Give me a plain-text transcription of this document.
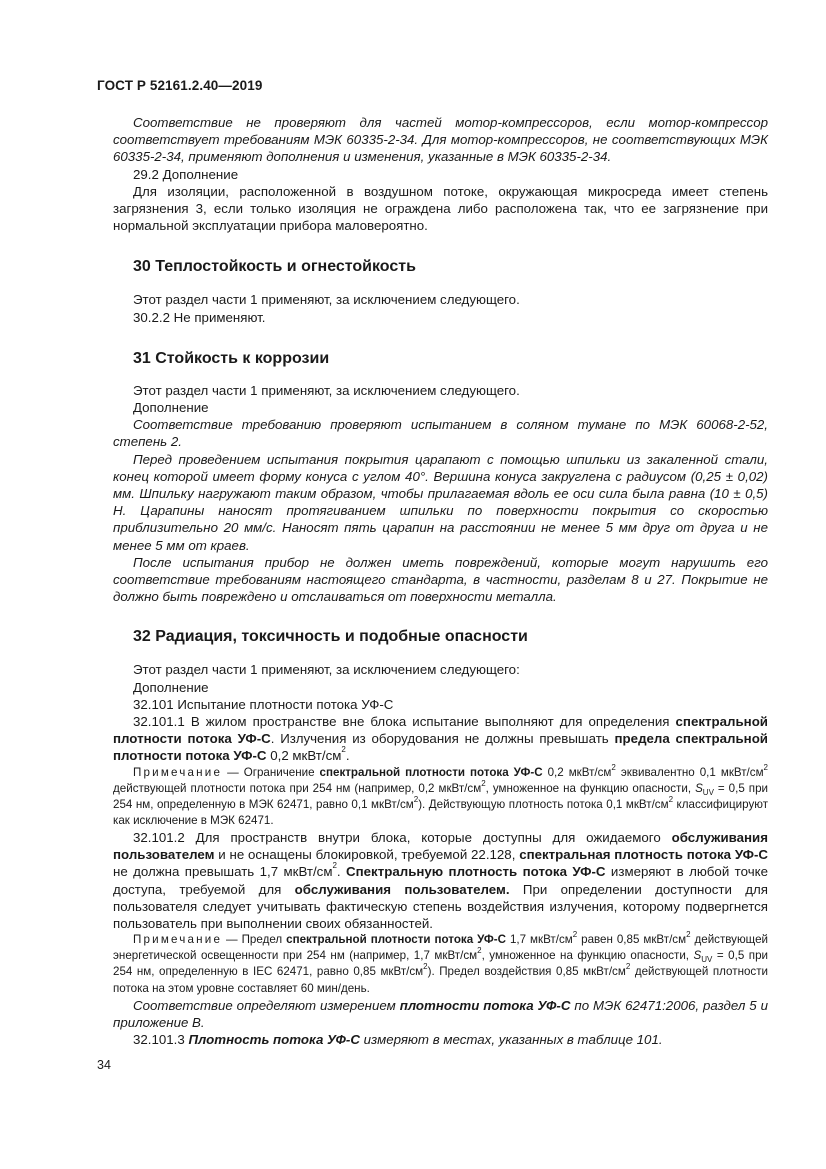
ГОСТ Р 52161.2.40—2019

Соответствие не проверяют для частей мотор-компрессоров, если мотор-компрессор соответствует требованиям МЭК 60335-2-34. Для мотор-компрессоров, не соответствующих МЭК 60335-2-34, применяют дополнения и изменения, указанные в МЭК 60335-2-34.

29.2 Дополнение

Для изоляции, расположенной в воздушном потоке, окружающая микросреда имеет степень загрязнения 3, если только изоляция не ограждена либо расположена так, что ее загрязнение при нормальной эксплуатации прибора маловероятно.

30 Теплостойкость и огнестойкость

Этот раздел части 1 применяют, за исключением следующего.

30.2.2 Не применяют.

31 Стойкость к коррозии

Этот раздел части 1 применяют, за исключением следующего.

Дополнение

Соответствие требованию проверяют испытанием в соляном тумане по МЭК 60068-2-52, степень 2.

Перед проведением испытания покрытия царапают с помощью шпильки из закаленной стали, конец которой имеет форму конуса с углом 40°. Вершина конуса закруглена с радиусом (0,25 ± 0,02) мм. Шпильку нагружают таким образом, чтобы прилагаемая вдоль ее оси сила была равна (10 ± 0,5) Н. Царапины наносят протягиванием шпильки по поверхности покрытия со скоростью приблизительно 20 мм/с. Наносят пять царапин на расстоянии не менее 5 мм друг от друга и не менее 5 мм от краев.

После испытания прибор не должен иметь повреждений, которые могут нарушить его соответствие требованиям настоящего стандарта, в частности, разделам 8 и 27. Покрытие не должно быть повреждено и отслаиваться от поверхности металла.

32 Радиация, токсичность и подобные опасности

Этот раздел части 1 применяют, за исключением следующего:

Дополнение

32.101 Испытание плотности потока УФ-С

32.101.1 В жилом пространстве вне блока испытание выполняют для определения спектральной плотности потока УФ-С. Излучения из оборудования не должны превышать предела спектральной плотности потока УФ-С 0,2 мкВт/$см^2$.

Примечание — Ограничение спектральной плотности потока УФ-С 0,2 мкВт/$см^2$ эквивалентно 0,1 мкВт/$см^2$ действующей плотности потока при 254 нм (например, 0,2 мкВт/$см^2$, умноженное на функцию опасности, SUV = 0,5 при 254 нм, определенную в МЭК 62471, равно 0,1 мкВт/$см^2$). Действующую плотность потока 0,1 мкВт/$см^2$ классифицируют как исключение в МЭК 62471.

32.101.2 Для пространств внутри блока, которые доступны для ожидаемого обслуживания пользователем и не оснащены блокировкой, требуемой 22.128, спектральная плотность потока УФ-С не должна превышать 1,7 мкВт/$см^2$. Спектральную плотность потока УФ-С измеряют в любой точке доступа, требуемой для обслуживания пользователем. При определении доступности для пользователя следует учитывать фактическую степень воздействия излучения, которому подвергнется пользователь при выполнении своих обязанностей.

Примечание — Предел спектральной плотности потока УФ-С 1,7 мкВт/$см^2$ равен 0,85 мкВт/$см^2$ действующей энергетической освещенности при 254 нм (например, 1,7 мкВт/$см^2$, умноженное на функцию опасности, SUV = 0,5 при 254 нм, определенную в IEC 62471, равно 0,85 мкВт/$см^2$). Предел воздействия 0,85 мкВт/$см^2$ действующей плотности потока на этом уровне составляет 60 мин/день.

Соответствие определяют измерением плотности потока УФ-С по МЭК 62471:2006, раздел 5 и приложение В.

32.101.3 Плотность потока УФ-С измеряют в местах, указанных в таблице 101.

34
